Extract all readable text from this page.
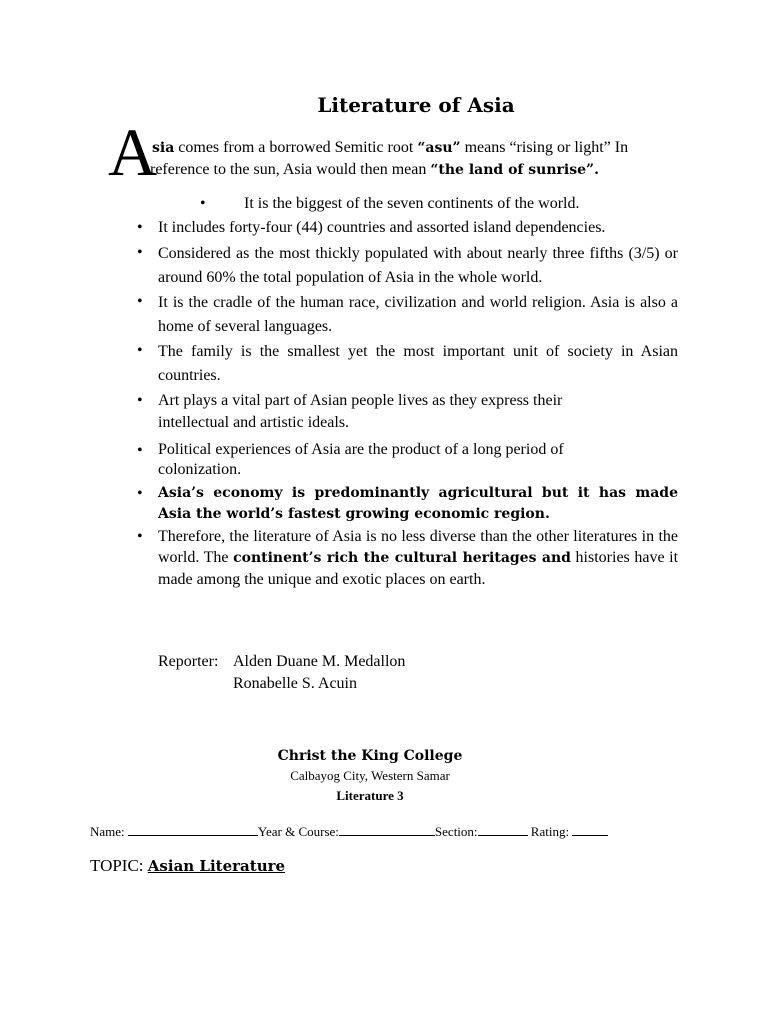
Literature of Asia
A
sia comes from a borrowed Semitic root “asu” means “rising or light” In
reference to the sun, Asia would then mean “the land of sunrise”.
• It is the biggest of the seven continents of the world.
• It includes forty-four (44) countries and assorted island dependencies.
• Considered as the most thickly populated with about nearly three fifths (3/5) or around 60% the total population of Asia in the whole world.
• It is the cradle of the human race, civilization and world religion. Asia is also a home of several languages.
• The family is the smallest yet the most important unit of society in Asian countries.
• Art plays a vital part of Asian people lives as they express their
intellectual and artistic ideals.
• Political experiences of Asia are the product of a long period of
colonization.
• Asia’s economy is predominantly agricultural but it has made Asia the world’s fastest growing economic region.
• Therefore, the literature of Asia is no less diverse than the other literatures in the world. The continent’s rich the cultural heritages and histories have it made among the unique and exotic places on earth.
Reporter: Alden Duane M. Medallon
Ronabelle S. Acuin
Christ the King College
Calbayog City, Western Samar
Literature 3
Name:	Year & Course:	Section:	Rating:
TOPIC: Asian Literature
